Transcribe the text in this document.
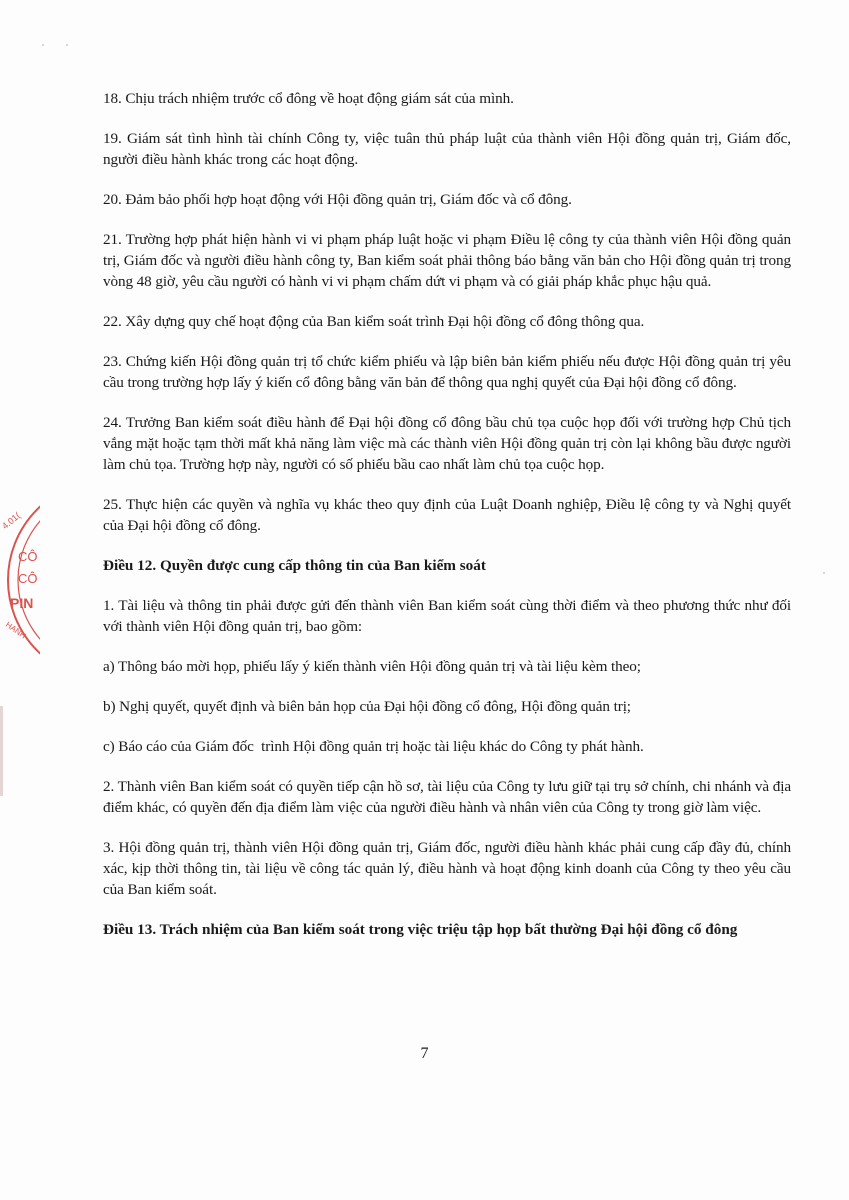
4.01(
CÔ
CÔ
PIN
HANH

18. Chịu trách nhiệm trước cổ đông về hoạt động giám sát của mình.

19. Giám sát tình hình tài chính Công ty, việc tuân thủ pháp luật của thành viên Hội đồng quản trị, Giám đốc, người điều hành khác trong các hoạt động.

20. Đảm bảo phối hợp hoạt động với Hội đồng quản trị, Giám đốc và cổ đông.

21. Trường hợp phát hiện hành vi vi phạm pháp luật hoặc vi phạm Điều lệ công ty của thành viên Hội đồng quản trị, Giám đốc và người điều hành công ty, Ban kiểm soát phải thông báo bằng văn bản cho Hội đồng quản trị trong vòng 48 giờ, yêu cầu người có hành vi vi phạm chấm dứt vi phạm và có giải pháp khắc phục hậu quả.

22. Xây dựng quy chế hoạt động của Ban kiểm soát trình Đại hội đồng cổ đông thông qua.

23. Chứng kiến Hội đồng quản trị tổ chức kiểm phiếu và lập biên bản kiểm phiếu nếu được Hội đồng quản trị yêu cầu trong trường hợp lấy ý kiến cổ đông bằng văn bản để thông qua nghị quyết của Đại hội đồng cổ đông.

24. Trưởng Ban kiểm soát điều hành để Đại hội đồng cổ đông bầu chủ tọa cuộc họp đối với trường hợp Chủ tịch vắng mặt hoặc tạm thời mất khả năng làm việc mà các thành viên Hội đồng quản trị còn lại không bầu được người làm chủ tọa. Trường hợp này, người có số phiếu bầu cao nhất làm chủ tọa cuộc họp.

25. Thực hiện các quyền và nghĩa vụ khác theo quy định của Luật Doanh nghiệp, Điều lệ công ty và Nghị quyết của Đại hội đồng cổ đông.

Điều 12. Quyền được cung cấp thông tin của Ban kiểm soát

1. Tài liệu và thông tin phải được gửi đến thành viên Ban kiểm soát cùng thời điểm và theo phương thức như đối với thành viên Hội đồng quản trị, bao gồm:

a) Thông báo mời họp, phiếu lấy ý kiến thành viên Hội đồng quản trị và tài liệu kèm theo;

b) Nghị quyết, quyết định và biên bản họp của Đại hội đồng cổ đông, Hội đồng quản trị;

c) Báo cáo của Giám đốc  trình Hội đồng quản trị hoặc tài liệu khác do Công ty phát hành.

2. Thành viên Ban kiểm soát có quyền tiếp cận hồ sơ, tài liệu của Công ty lưu giữ tại trụ sở chính, chi nhánh và địa điểm khác, có quyền đến địa điểm làm việc của người điều hành và nhân viên của Công ty trong giờ làm việc.

3. Hội đồng quản trị, thành viên Hội đồng quản trị, Giám đốc, người điều hành khác phải cung cấp đầy đủ, chính xác, kịp thời thông tin, tài liệu về công tác quản lý, điều hành và hoạt động kinh doanh của Công ty theo yêu cầu của Ban kiểm soát.

Điều 13. Trách nhiệm của Ban kiểm soát trong việc triệu tập họp bất thường Đại hội đồng cổ đông

7
